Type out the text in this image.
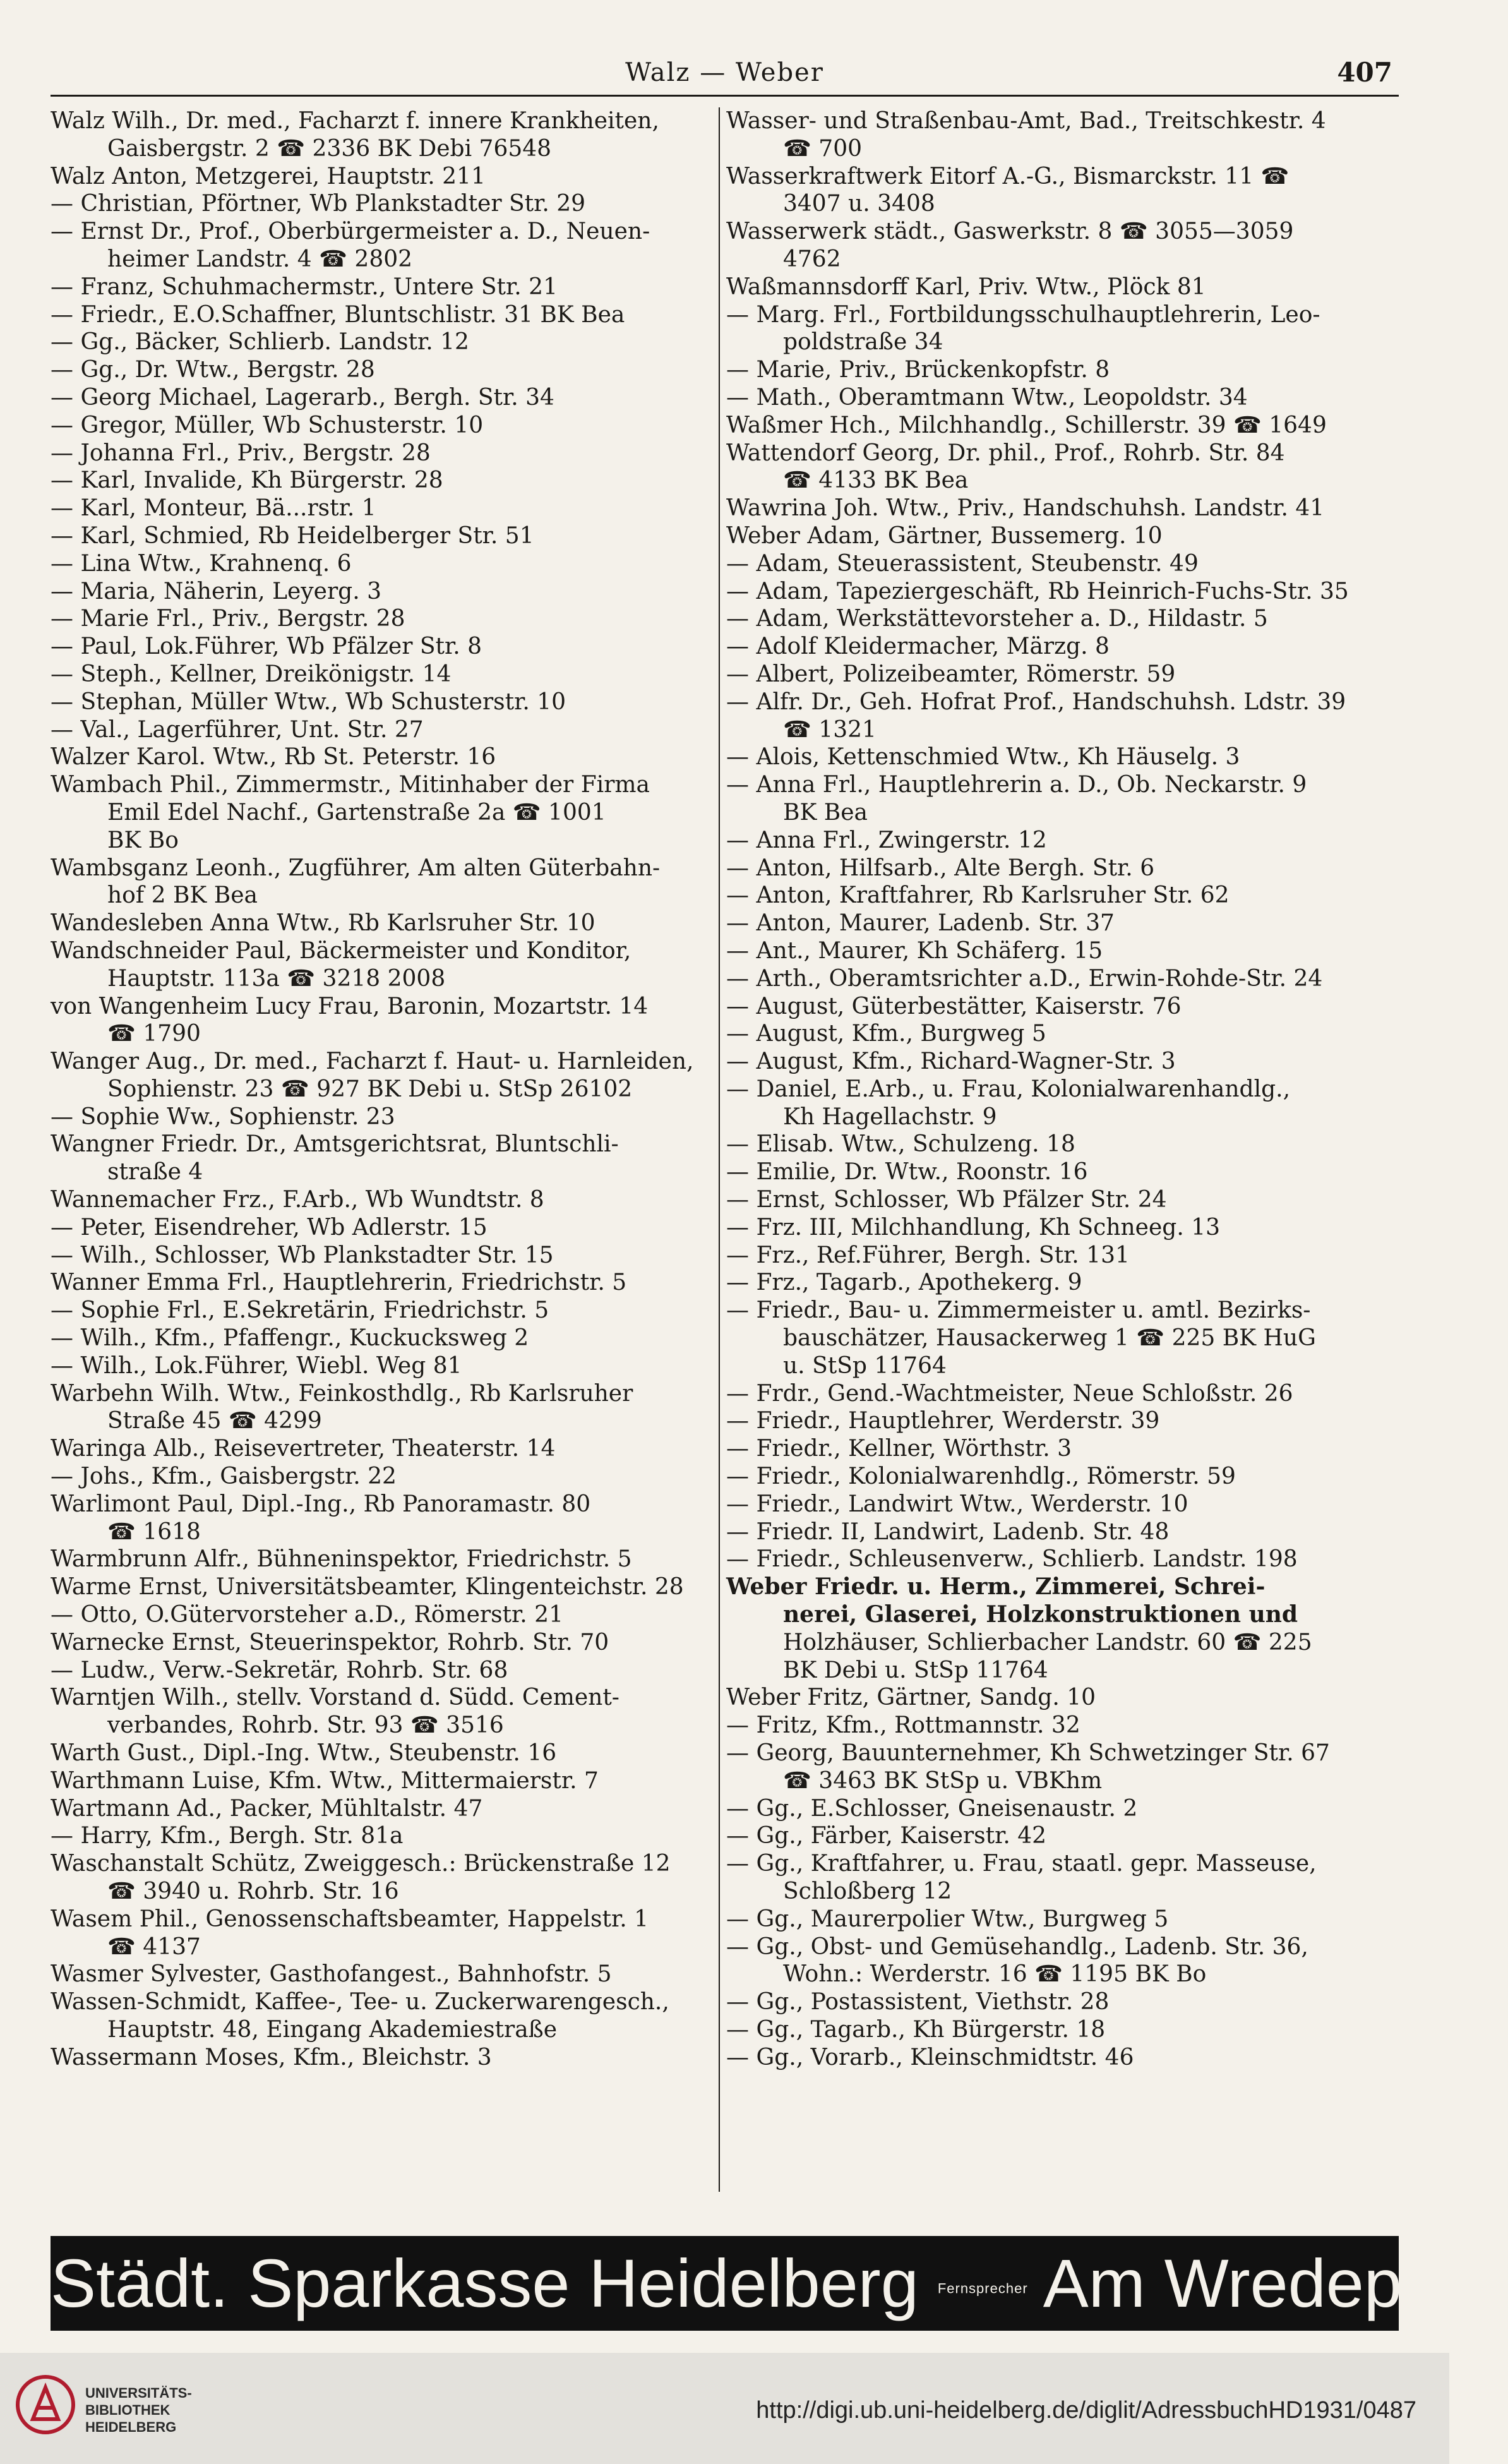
Walz — Weber	407
Walz Wilh., Dr. med., Facharzt f. innere Krankheiten,
Gaisbergstr. 2 ☎ 2336 BK Debi 76548
Walz Anton, Metzgerei, Hauptstr. 211
— Christian, Pförtner, Wb Plankstadter Str. 29
— Ernst Dr., Prof., Oberbürgermeister a. D., Neuen-
heimer Landstr. 4 ☎ 2802
— Franz, Schuhmachermstr., Untere Str. 21
— Friedr., E.O.Schaffner, Bluntschlistr. 31 BK Bea
— Gg., Bäcker, Schlierb. Landstr. 12
— Gg., Dr. Wtw., Bergstr. 28
— Georg Michael, Lagerarb., Bergh. Str. 34
— Gregor, Müller, Wb Schusterstr. 10
— Johanna Frl., Priv., Bergstr. 28
— Karl, Invalide, Kh Bürgerstr. 28
— Karl, Monteur, Bä...rstr. 1
— Karl, Schmied, Rb Heidelberger Str. 51
— Lina Wtw., Krahnenq. 6
— Maria, Näherin, Leyerg. 3
— Marie Frl., Priv., Bergstr. 28
— Paul, Lok.Führer, Wb Pfälzer Str. 8
— Steph., Kellner, Dreikönigstr. 14
— Stephan, Müller Wtw., Wb Schusterstr. 10
— Val., Lagerführer, Unt. Str. 27
Walzer Karol. Wtw., Rb St. Peterstr. 16
Wambach Phil., Zimmermstr., Mitinhaber der Firma
Emil Edel Nachf., Gartenstraße 2a ☎ 1001
BK Bo
Wambsganz Leonh., Zugführer, Am alten Güterbahn-
hof 2 BK Bea
Wandesleben Anna Wtw., Rb Karlsruher Str. 10
Wandschneider Paul, Bäckermeister und Konditor,
Hauptstr. 113a ☎ 3218 2008
von Wangenheim Lucy Frau, Baronin, Mozartstr. 14
☎ 1790
Wanger Aug., Dr. med., Facharzt f. Haut- u. Harnleiden,
Sophienstr. 23 ☎ 927 BK Debi u. StSp 26102
— Sophie Ww., Sophienstr. 23
Wangner Friedr. Dr., Amtsgerichtsrat, Bluntschli-
straße 4
Wannemacher Frz., F.Arb., Wb Wundtstr. 8
— Peter, Eisendreher, Wb Adlerstr. 15
— Wilh., Schlosser, Wb Plankstadter Str. 15
Wanner Emma Frl., Hauptlehrerin, Friedrichstr. 5
— Sophie Frl., E.Sekretärin, Friedrichstr. 5
— Wilh., Kfm., Pfaffengr., Kuckucksweg 2
— Wilh., Lok.Führer, Wiebl. Weg 81
Warbehn Wilh. Wtw., Feinkosthdlg., Rb Karlsruher
Straße 45 ☎ 4299
Waringa Alb., Reisevertreter, Theaterstr. 14
— Johs., Kfm., Gaisbergstr. 22
Warlimont Paul, Dipl.-Ing., Rb Panoramastr. 80
☎ 1618
Warmbrunn Alfr., Bühneninspektor, Friedrichstr. 5
Warme Ernst, Universitätsbeamter, Klingenteichstr. 28
— Otto, O.Gütervorsteher a.D., Römerstr. 21
Warnecke Ernst, Steuerinspektor, Rohrb. Str. 70
— Ludw., Verw.-Sekretär, Rohrb. Str. 68
Warntjen Wilh., stellv. Vorstand d. Südd. Cement-
verbandes, Rohrb. Str. 93 ☎ 3516
Warth Gust., Dipl.-Ing. Wtw., Steubenstr. 16
Warthmann Luise, Kfm. Wtw., Mittermaierstr. 7
Wartmann Ad., Packer, Mühltalstr. 47
— Harry, Kfm., Bergh. Str. 81a
Waschanstalt Schütz, Zweiggesch.: Brückenstraße 12
☎ 3940 u. Rohrb. Str. 16
Wasem Phil., Genossenschaftsbeamter, Happelstr. 1
☎ 4137
Wasmer Sylvester, Gasthofangest., Bahnhofstr. 5
Wassen-Schmidt, Kaffee-, Tee- u. Zuckerwarengesch.,
Hauptstr. 48, Eingang Akademiestraße
Wassermann Moses, Kfm., Bleichstr. 3
Wasser- und Straßenbau-Amt, Bad., Treitschkestr. 4
☎ 700
Wasserkraftwerk Eitorf A.-G., Bismarckstr. 11 ☎
3407 u. 3408
Wasserwerk städt., Gaswerkstr. 8 ☎ 3055—3059
4762
Waßmannsdorff Karl, Priv. Wtw., Plöck 81
— Marg. Frl., Fortbildungsschulhauptlehrerin, Leo-
poldstraße 34
— Marie, Priv., Brückenkopfstr. 8
— Math., Oberamtmann Wtw., Leopoldstr. 34
Waßmer Hch., Milchhandlg., Schillerstr. 39 ☎ 1649
Wattendorf Georg, Dr. phil., Prof., Rohrb. Str. 84
☎ 4133 BK Bea
Wawrina Joh. Wtw., Priv., Handschuhsh. Landstr. 41
Weber Adam, Gärtner, Bussemerg. 10
— Adam, Steuerassistent, Steubenstr. 49
— Adam, Tapeziergeschäft, Rb Heinrich-Fuchs-Str. 35
— Adam, Werkstättevorsteher a. D., Hildastr. 5
— Adolf Kleidermacher, Märzg. 8
— Albert, Polizeibeamter, Römerstr. 59
— Alfr. Dr., Geh. Hofrat Prof., Handschuhsh. Ldstr. 39
☎ 1321
— Alois, Kettenschmied Wtw., Kh Häuselg. 3
— Anna Frl., Hauptlehrerin a. D., Ob. Neckarstr. 9
BK Bea
— Anna Frl., Zwingerstr. 12
— Anton, Hilfsarb., Alte Bergh. Str. 6
— Anton, Kraftfahrer, Rb Karlsruher Str. 62
— Anton, Maurer, Ladenb. Str. 37
— Ant., Maurer, Kh Schäferg. 15
— Arth., Oberamtsrichter a.D., Erwin-Rohde-Str. 24
— August, Güterbestätter, Kaiserstr. 76
— August, Kfm., Burgweg 5
— August, Kfm., Richard-Wagner-Str. 3
— Daniel, E.Arb., u. Frau, Kolonialwarenhandlg.,
Kh Hagellachstr. 9
— Elisab. Wtw., Schulzeng. 18
— Emilie, Dr. Wtw., Roonstr. 16
— Ernst, Schlosser, Wb Pfälzer Str. 24
— Frz. III, Milchhandlung, Kh Schneeg. 13
— Frz., Ref.Führer, Bergh. Str. 131
— Frz., Tagarb., Apothekerg. 9
— Friedr., Bau- u. Zimmermeister u. amtl. Bezirks-
bauschätzer, Hausackerweg 1 ☎ 225 BK HuG
u. StSp 11764
— Frdr., Gend.-Wachtmeister, Neue Schloßstr. 26
— Friedr., Hauptlehrer, Werderstr. 39
— Friedr., Kellner, Wörthstr. 3
— Friedr., Kolonialwarenhdlg., Römerstr. 59
— Friedr., Landwirt Wtw., Werderstr. 10
— Friedr. II, Landwirt, Ladenb. Str. 48
— Friedr., Schleusenverw., Schlierb. Landstr. 198
Weber Friedr. u. Herm., Zimmerei, Schrei-
nerei, Glaserei, Holzkonstruktionen und
Holzhäuser, Schlierbacher Landstr. 60 ☎ 225
BK Debi u. StSp 11764
Weber Fritz, Gärtner, Sandg. 10
— Fritz, Kfm., Rottmannstr. 32
— Georg, Bauunternehmer, Kh Schwetzinger Str. 67
☎ 3463 BK StSp u. VBKhm
— Gg., E.Schlosser, Gneisenaustr. 2
— Gg., Färber, Kaiserstr. 42
— Gg., Kraftfahrer, u. Frau, staatl. gepr. Masseuse,
Schloßberg 12
— Gg., Maurerpolier Wtw., Burgweg 5
— Gg., Obst- und Gemüsehandlg., Ladenb. Str. 36,
Wohn.: Werderstr. 16 ☎ 1195 BK Bo
— Gg., Postassistent, Viethstr. 28
— Gg., Tagarb., Kh Bürgerstr. 18
— Gg., Vorarb., Kleinschmidtstr. 46
Städt. Sparkasse Heidelberg Fernsprecher Am Wredeplatz
UNIVERSITÄTS-
BIBLIOTHEK
HEIDELBERG
http://digi.ub.uni-heidelberg.de/diglit/AdressbuchHD1931/0487
